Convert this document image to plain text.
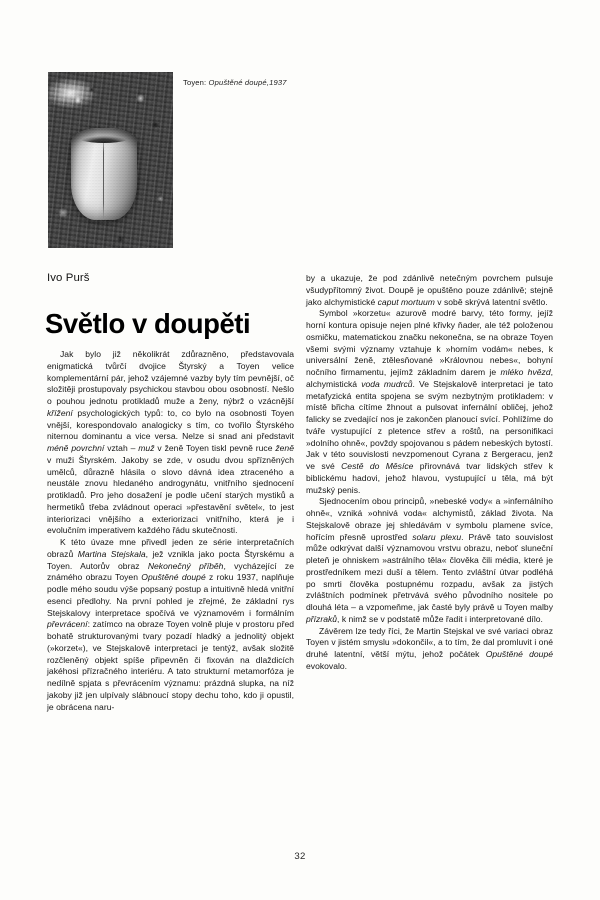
Toyen: Opuštěné doupé,1937
Ivo Purš
Světlo v doupěti

Jak bylo již několikrát zdůrazněno, představovala enigmatická tvůrčí dvojice Štyrský a Toyen velice komplementární pár, jehož vzájemné vazby byly tím pevnější, oč složitěji prostupovaly psychickou stavbou obou osobností. Nešlo o pouhou jednotu protikladů muže a ženy, nýbrž o vzácnější křížení psychologických typů: to, co bylo na osobnosti Toyen vnější, korespondovalo analogicky s tím, co tvořilo Štyrského niternou dominantu a vice versa. Nelze si snad ani představit méně povrchní vztah – muž v ženě Toyen tiskl pevně ruce ženě v muži Štyrském. Jakoby se zde, v osudu dvou spřízněných umělců, důrazně hlásila o slovo dávná idea ztraceného a neustále znovu hledaného androgynátu, vnitřního sjednocení protikladů. Pro jeho dosažení je podle učení starých mystiků a hermetiků třeba zvládnout operaci »přestavění světel«, to jest interiorizaci vnějšího a exteriorizaci vnitřního, která je i evolučním imperativem každého řádu skutečnosti.

K této úvaze mne přivedl jeden ze série interpretačních obrazů Martina Stejskala, jež vznikla jako pocta Štyrskému a Toyen. Autorův obraz Nekonečný příběh, vycházející ze známého obrazu Toyen Opuštěné doupé z roku 1937, naplňuje podle mého soudu výše popsaný postup a intuitivně hledá vnitřní esenci předlohy. Na první pohled je zřejmé, že základní rys Stejskalovy interpretace spočívá ve významovém i formálním převrácení: zatímco na obraze Toyen volně pluje v prostoru před bohatě strukturovanými tvary pozadí hladký a jednolitý objekt (»korzet«), ve Stejskalově interpretaci je tentýž, avšak složitě rozčleněný objekt spíše připevněn či fixován na dlaždicích jakéhosi přízračného interiéru. A tato strukturní metamorfóza je nedílně spjata s převrácením významu: prázdná slupka, na níž jakoby již jen ulpívaly slábnoucí stopy dechu toho, kdo ji opustil, je obrácena naru-

by a ukazuje, že pod zdánlivě netečným povrchem pulsuje všudypřítomný život. Doupě je opuštěno pouze zdánlivě; stejně jako alchymistické caput mortuum v sobě skrývá latentní světlo.

Symbol »korzetu« azurově modré barvy, této formy, jejíž horní kontura opisuje nejen plné křivky ňader, ale též položenou osmičku, matematickou značku nekonečna, se na obraze Toyen všemi svými významy vztahuje k »horním vodám« nebes, k universální ženě, ztělesňované »Královnou nebes«, bohyní nočního firmamentu, jejímž základním darem je mléko hvězd, alchymistická voda mudrců. Ve Stejskalově interpretaci je tato metafyzická entita spojena se svým nezbytným protikladem: v místě břicha cítíme žhnout a pulsovat infernální obličej, jehož falicky se zvedající nos je zakončen planoucí svící. Pohlížíme do tváře vystupující z pletence střev a roštů, na personifikaci »dolního ohně«, povždy spojovanou s pádem nebeských bytostí. Jak v této souvislosti nevzpomenout Cyrana z Bergeracu, jenž ve své Cestě do Měsíce přirovnává tvar lidských střev k biblickému hadovi, jehož hlavou, vystupující u těla, má být mužský penis.

Sjednocením obou principů, »nebeské vody« a »infernálního ohně«, vzniká »ohnivá voda« alchymistů, základ života. Na Stejskalově obraze jej shledávám v symbolu plamene svíce, hořícím přesně uprostřed solaru plexu. Právě tato souvislost může odkrývat další významovou vrstvu obrazu, neboť sluneční pleteň je ohniskem »astrálního těla« člověka čili média, které je prostředníkem mezi duší a tělem. Tento zvláštní útvar podléhá po smrti člověka postupnému rozpadu, avšak za jistých zvláštních podmínek přetrvává svého původního nositele po dlouhá léta – a vzpomeňme, jak časté byly právě u Toyen malby přízraků, k nimž se v podstatě může řadit i interpretované dílo.

Závěrem lze tedy říci, že Martin Stejskal ve své variaci obraz Toyen v jistém smyslu »dokončil«, a to tím, že dal promluvit i oné druhé latentní, větší mýtu, jehož počátek Opuštěné doupé evokovalo.

32
